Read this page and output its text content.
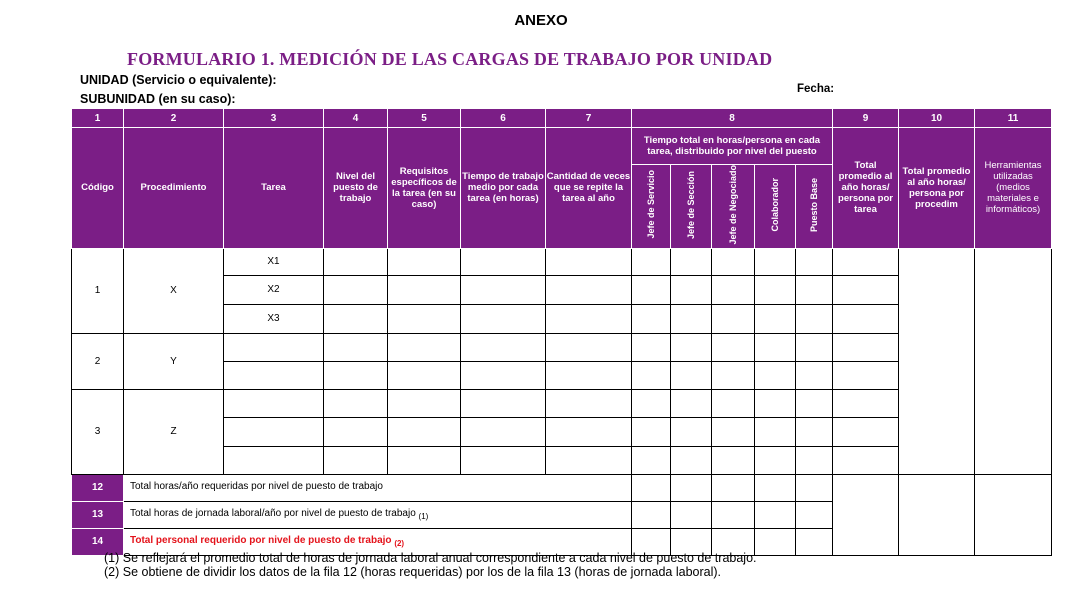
ANEXO
FORMULARIO 1. MEDICIÓN DE LAS CARGAS DE TRABAJO POR UNIDAD
UNIDAD (Servicio o equivalente):
SUBUNIDAD (en su caso):
Fecha:
1	2	3	4	5	6	7	8					9	10	11
Código	Procedimiento	Tarea	Nivel del puesto de trabajo	Requisitos específicos de la tarea (en su caso)	Tiempo de trabajo medio por cada tarea (en horas)	Cantidad de veces que se repite la tarea al año	Tiempo total en horas/persona en cada tarea, distribuido por nivel del puesto					Total promedio al año horas/ persona por tarea	Total promedio al año horas/ persona por procedim	Herramientas utilizadas (medios materiales e informáticos)
							Jefe de Servicio	Jefe de Sección	Jefe de Negociado	Colaborador	Puesto Base			
1	X	X1												
		X2												
		X3												
2	Y													

3	Z													

12	Total horas/año requeridas por nivel de puesto de trabajo													
13	Total horas de jornada laboral/año por nivel de puesto de trabajo $_{(1)}$					
14	Total personal requerido por nivel de puesto de trabajo $_{(2)}$					
(1) Se reflejará el promedio total de horas de jornada laboral anual correspondiente a cada nivel de puesto de trabajo.
(2) Se obtiene de dividir los datos de la fila 12 (horas requeridas) por los de la fila 13 (horas de jornada laboral).
